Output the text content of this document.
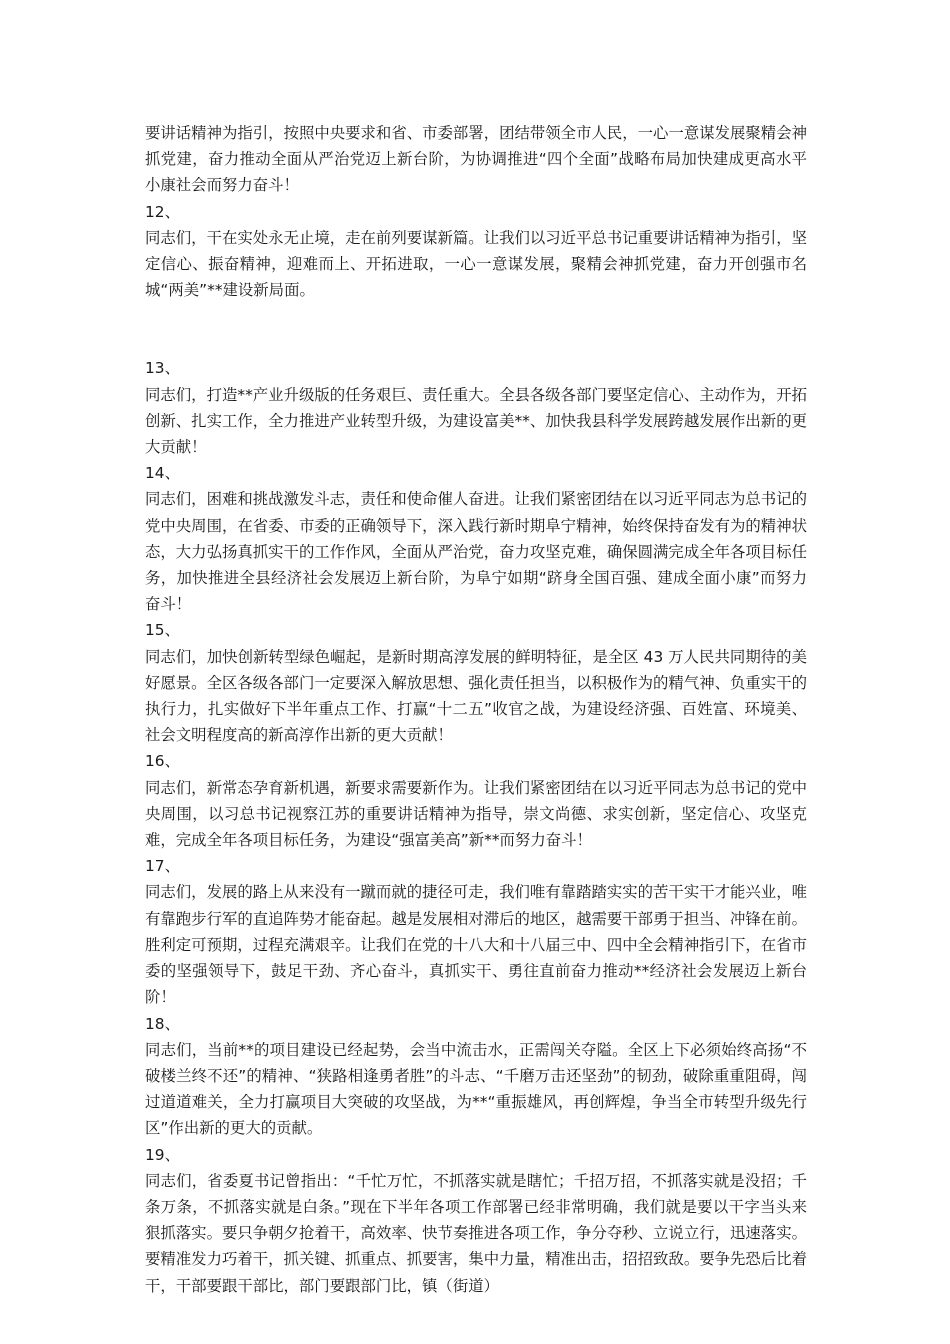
要讲话精神为指引，按照中央要求和省、市委部署，团结带领全市人民，一心一意谋发展聚精会神抓党建，奋力推动全面从严治党迈上新台阶，为协调推进“四个全面”战略布局加快建成更高水平小康社会而努力奋斗！

12、

同志们，干在实处永无止境，走在前列要谋新篇。让我们以习近平总书记重要讲话精神为指引，坚定信心、振奋精神，迎难而上、开拓进取，一心一意谋发展，聚精会神抓党建，奋力开创强市名城“两美”**建设新局面。

13、

同志们，打造**产业升级版的任务艰巨、责任重大。全县各级各部门要坚定信心、主动作为，开拓创新、扎实工作，全力推进产业转型升级，为建设富美**、加快我县科学发展跨越发展作出新的更大贡献！

14、

同志们，困难和挑战激发斗志，责任和使命催人奋进。让我们紧密团结在以习近平同志为总书记的党中央周围，在省委、市委的正确领导下，深入践行新时期阜宁精神，始终保持奋发有为的精神状态，大力弘扬真抓实干的工作作风，全面从严治党，奋力攻坚克难，确保圆满完成全年各项目标任务，加快推进全县经济社会发展迈上新台阶，为阜宁如期“跻身全国百强、建成全面小康”而努力奋斗！

15、

同志们，加快创新转型绿色崛起，是新时期高淳发展的鲜明特征，是全区 43 万人民共同期待的美好愿景。全区各级各部门一定要深入解放思想、强化责任担当，以积极作为的精气神、负重实干的执行力，扎实做好下半年重点工作、打赢“十二五”收官之战，为建设经济强、百姓富、环境美、社会文明程度高的新高淳作出新的更大贡献！

16、

同志们，新常态孕育新机遇，新要求需要新作为。让我们紧密团结在以习近平同志为总书记的党中央周围，以习总书记视察江苏的重要讲话精神为指导，崇文尚德、求实创新，坚定信心、攻坚克难，完成全年各项目标任务，为建设“强富美高”新**而努力奋斗！

17、

同志们，发展的路上从来没有一蹴而就的捷径可走，我们唯有靠踏踏实实的苦干实干才能兴业，唯有靠跑步行军的直追阵势才能奋起。越是发展相对滞后的地区，越需要干部勇于担当、冲锋在前。胜利定可预期，过程充满艰辛。让我们在党的十八大和十八届三中、四中全会精神指引下，在省市委的坚强领导下，鼓足干劲、齐心奋斗，真抓实干、勇往直前奋力推动**经济社会发展迈上新台阶！

18、

同志们，当前**的项目建设已经起势，会当中流击水，正需闯关夺隘。全区上下必须始终高扬“不破楼兰终不还”的精神、“狭路相逢勇者胜”的斗志、“千磨万击还坚劲”的韧劲，破除重重阻碍，闯过道道难关，全力打赢项目大突破的攻坚战，为**“重振雄风，再创辉煌，争当全市转型升级先行区”作出新的更大的贡献。

19、

同志们，省委夏书记曾指出：“千忙万忙，不抓落实就是瞎忙；千招万招，不抓落实就是没招；千条万条，不抓落实就是白条。”现在下半年各项工作部署已经非常明确，我们就是要以干字当头来狠抓落实。要只争朝夕抢着干，高效率、快节奏推进各项工作，争分夺秒、立说立行，迅速落实。要精准发力巧着干，抓关键、抓重点、抓要害，集中力量，精准出击，招招致敌。要争先恐后比着干，干部要跟干部比，部门要跟部门比，镇（街道）
